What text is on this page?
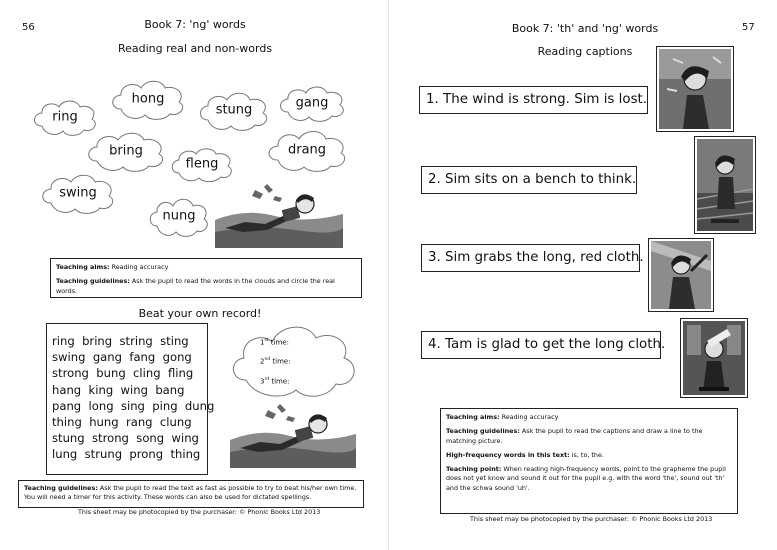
56	Book 7: 'ng' words
Reading real and non-words
ring
hong
stung	gang
bring
fleng
drang
swing
nung

Teaching aims: Reading accuracy

Teaching guidelines: Ask the pupil to read the words in the clouds and circle the real words.

Beat your own record!
ring  bring  string  sting
swing  gang  fang  gong
strong  bung  cling  fling
hang  king  wing  bang
pang  long  sing  ping  dung
thing  hung  rang  clung
stung  strong  song  wing
lung  strung  prong  thing
1st time:
2nd time:
3rd time:
Teaching guidelines: Ask the pupil to read the text as fast as possible to try to beat his/her own time. You will need a timer for this activity. These words can also be used for dictated spellings.
This sheet may be photocopied by the purchaser: © Phonic Books Ltd 2013
57
Book 7: 'th' and 'ng' words
Reading captions
1. The wind is strong. Sim is lost.
2. Sim sits on a bench to think.
3. Sim grabs the long, red cloth.
4. Tam is glad to get the long cloth.

Teaching aims: Reading accuracy

Teaching guidelines: Ask the pupil to read the captions and draw a line to the matching picture.

High-frequency words in this text: is, to, the.

Teaching point: When reading high-frequency words, point to the grapheme the pupil does not yet know and sound it out for the pupil e.g. with the word 'the', sound out 'th' and the schwa sound 'uh'.

This sheet may be photocopied by the purchaser: © Phonic Books Ltd 2013
